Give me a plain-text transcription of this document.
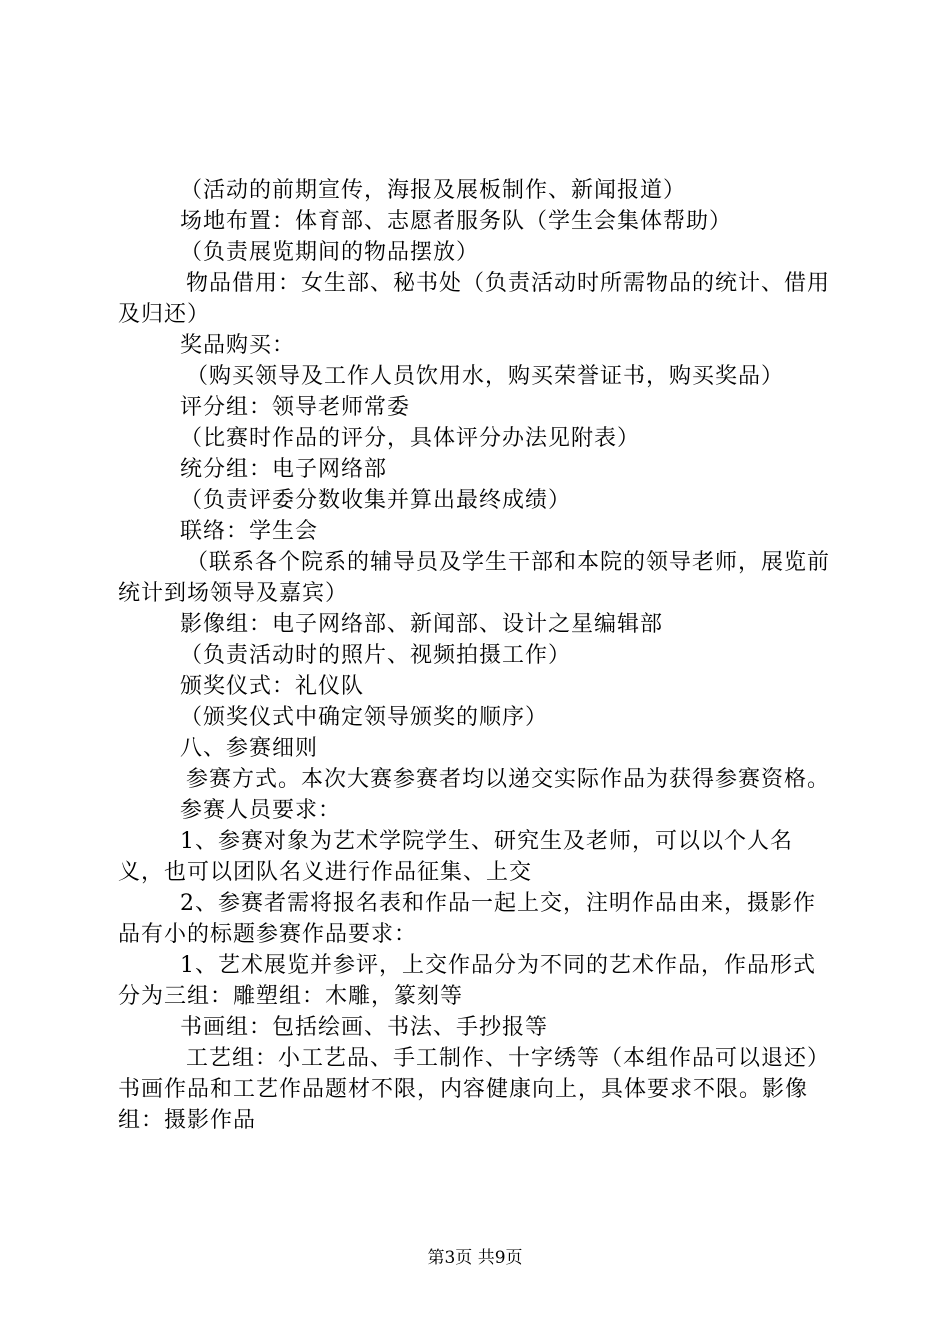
（活动的前期宣传，海报及展板制作、新闻报道）

场地布置：体育部、志愿者服务队（学生会集体帮助）

（负责展览期间的物品摆放）

物品借用：女生部、秘书处（负责活动时所需物品的统计、借用及归还）

奖品购买：

（购买领导及工作人员饮用水，购买荣誉证书，购买奖品）

评分组：领导老师常委

（比赛时作品的评分，具体评分办法见附表）

统分组：电子网络部

（负责评委分数收集并算出最终成绩）

联络：学生会

（联系各个院系的辅导员及学生干部和本院的领导老师，展览前统计到场领导及嘉宾）

影像组：电子网络部、新闻部、设计之星编辑部

（负责活动时的照片、视频拍摄工作）

颁奖仪式：礼仪队

（颁奖仪式中确定领导颁奖的顺序）

八、参赛细则

参赛方式。本次大赛参赛者均以递交实际作品为获得参赛资格。

参赛人员要求：

1、参赛对象为艺术学院学生、研究生及老师，可以以个人名义，也可以团队名义进行作品征集、上交

2、参赛者需将报名表和作品一起上交，注明作品由来，摄影作品有小的标题参赛作品要求：

1、艺术展览并参评，上交作品分为不同的艺术作品，作品形式分为三组：雕塑组：木雕，篆刻等

书画组：包括绘画、书法、手抄报等

工艺组：小工艺品、手工制作、十字绣等（本组作品可以退还）书画作品和工艺作品题材不限，内容健康向上，具体要求不限。影像组：摄影作品

第3页 共9页
